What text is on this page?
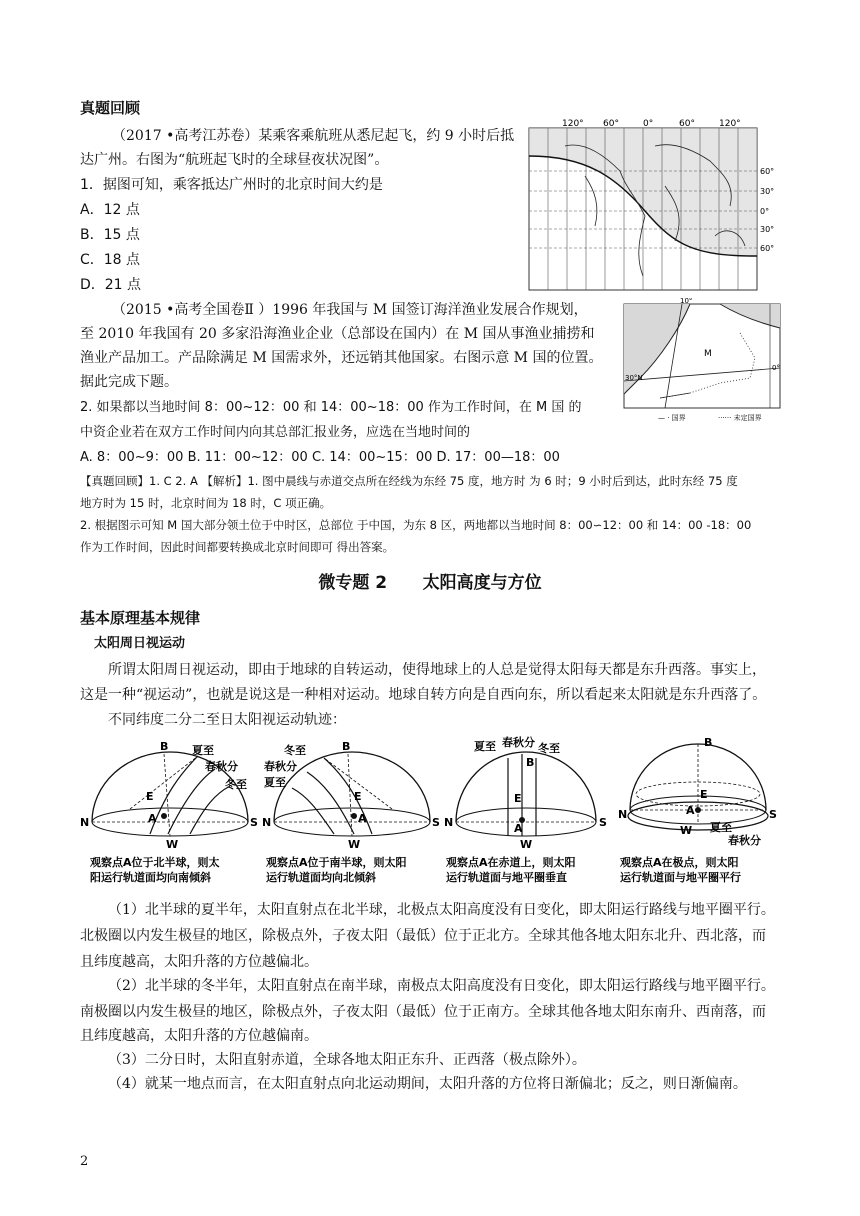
真题回顾
（2017 •高考江苏卷）某乘客乘航班从悉尼起飞，约 9 小时后抵
达广州。右图为“航班起飞时的全球昼夜状况图”。
1．据图可知，乘客抵达广州时的北京时间大约是
A．12 点
B．15 点
C．18 点
D．21 点
120° 60°	0°	60°	120°
60°
30°
0°
30°
60°
（2015 •高考全国卷Ⅱ ）1996 年我国与 M 国签订海洋渔业发展合作规划，
至 2010 年我国有 20 多家沿海渔业企业（总部设在国内）在 M 国从事渔业捕捞和
渔业产品加工。产品除满足 M 国需求外，还远销其他国家。右图示意 M 国的位置。
据此完成下题。
2. 如果都以当地时间 8：00~12：00 和 14：00~18：00 作为工作时间，在 M 国 的
中资企业若在双方工作时间内向其总部汇报业务，应选在当地时间的
10°
M
30°N
0°
— · 国界	······ 未定国界
A. 8：00~9：00 B. 11：00~12：00 C. 14：00~15：00 D. 17：00—18：00
【真题回顾】1. C 2. A 【解析】1. 图中晨线与赤道交点所在经线为东经 75 度，地方时 为 6 时；9 小时后到达，此时东经 75 度
地方时为 15 时，北京时间为 18 时，C 项正确。
2. 根据图示可知 M 国大部分领土位于中时区，总部位 于中国，为东 8 区，两地都以当地时间 8：00∽12：00 和 14：00 -18：00
作为工作时间，因此时间都要转换成北京时间即可 得出答案。
微专题 2      太阳高度与方位
基本原理基本规律
太阳周日视运动
所谓太阳周日视运动，即由于地球的自转运动，使得地球上的人总是觉得太阳每天都是东升西落。事实上，
这是一种“视运动”，也就是说这是一种相对运动。地球自转方向是自西向东，所以看起来太阳就是东升西落了。
不同纬度二分二至日太阳视运动轨迹：
B 夏至
春秋分
冬至
E
A
N	S
W
观察点A位于北半球，则太
阳运行轨道面均向南倾斜
B
冬至
春秋分
夏至
E
A
N	S
W
观察点A位于南半球，则太阳
运行轨道面均向北倾斜
夏至 春秋分 冬至
B
E
A
N	S
W
观察点A在赤道上，则太阳
运行轨道面与地平圈垂直
B
E
A
N	S
W 夏至
春秋分
观察点A在极点，则太阳
运行轨道面与地平圈平行
（1）北半球的夏半年，太阳直射点在北半球，北极点太阳高度没有日变化，即太阳运行路线与地平圈平行。
北极圈以内发生极昼的地区，除极点外，子夜太阳（最低）位于正北方。全球其他各地太阳东北升、西北落，而
且纬度越高，太阳升落的方位越偏北。
（2）北半球的冬半年，太阳直射点在南半球，南极点太阳高度没有日变化，即太阳运行路线与地平圈平行。
南极圈以内发生极昼的地区，除极点外，子夜太阳（最低）位于正南方。全球其他各地太阳东南升、西南落，而
且纬度越高，太阳升落的方位越偏南。
（3）二分日时，太阳直射赤道，全球各地太阳正东升、正西落（极点除外）。
（4）就某一地点而言，在太阳直射点向北运动期间，太阳升落的方位将日渐偏北；反之，则日渐偏南。
2
